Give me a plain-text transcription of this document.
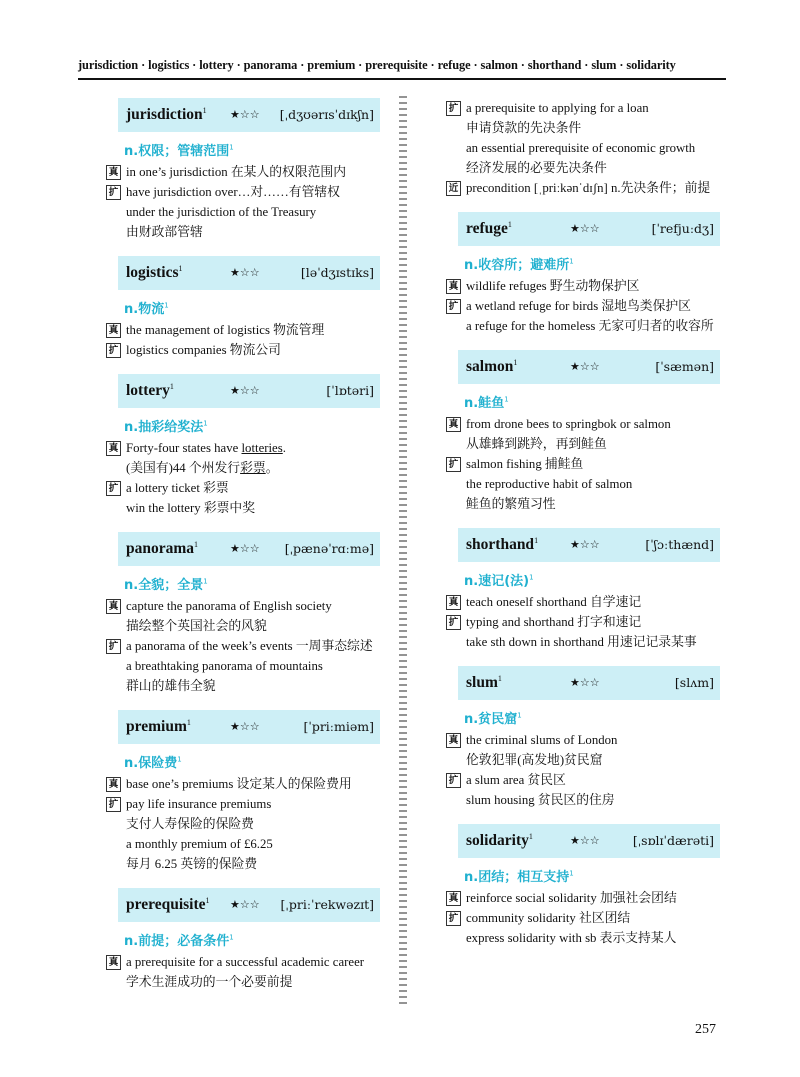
jurisdiction · logistics · lottery · panorama · premium · prerequisite · refuge · salmon · shorthand · slum · solidarity
jurisdiction$^1$ ★☆☆ [ˌdʒʊərɪsˈdɪkʃn]
n.权限；管辖范围$^1$
真 in one’s jurisdiction 在某人的权限范围内
扩 have jurisdiction over…对……有管辖权
under the jurisdiction of the Treasury
由财政部管辖
logistics$^1$	★☆☆	[ləˈdʒɪstɪks]
n.物流$^1$
真 the management of logistics 物流管理
扩 logistics companies 物流公司
lottery$^1$	★☆☆	[ˈlɒtəri]
n.抽彩给奖法$^1$
真 Forty-four states have lotteries.
(美国有)44 个州发行彩票。
扩 a lottery ticket 彩票
win the lottery 彩票中奖
panorama$^1$	★☆☆ [ˌpænəˈrɑːmə]
n.全貌；全景$^1$
真 capture the panorama of English society
描绘整个英国社会的风貌
扩 a panorama of the week’s events 一周事态综述
a breathtaking panorama of mountains
群山的雄伟全貌
premium$^1$	★☆☆	[ˈpriːmiəm]
n.保险费$^1$
真 base one’s premiums 设定某人的保险费用
扩 pay life insurance premiums
支付人寿保险的保险费
a monthly premium of £6.25
每月 6.25 英镑的保险费
prerequisite$^1$ ★☆☆ [ˌpriːˈrekwəzɪt]
n.前提；必备条件$^1$
真 a prerequisite for a successful academic career
学术生涯成功的一个必要前提
扩 a prerequisite to applying for a loan
申请贷款的先决条件
an essential prerequisite of economic growth
经济发展的必要先决条件
近 precondition [ˌpriːkənˈdɪʃn] n.先决条件；前提
refuge$^1$	★☆☆	[ˈrefjuːdʒ]
n.收容所；避难所$^1$
真 wildlife refuges 野生动物保护区
扩 a wetland refuge for birds 湿地鸟类保护区
a refuge for the homeless 无家可归者的收容所
salmon$^1$	★☆☆	[ˈsæmən]
n.鲑鱼$^1$
真 from drone bees to springbok or salmon
从雄蜂到跳羚，再到鲑鱼
扩 salmon fishing 捕鲑鱼
the reproductive habit of salmon
鲑鱼的繁殖习性
shorthand$^1$	★☆☆	[ˈʃɔːthænd]
n.速记(法)$^1$
真 teach oneself shorthand 自学速记
扩 typing and shorthand 打字和速记
take sth down in shorthand 用速记记录某事
slum$^1$	★☆☆	[slʌm]
n.贫民窟$^1$
真 the criminal slums of London
伦敦犯罪(高发地)贫民窟
扩 a slum area 贫民区
slum housing 贫民区的住房
solidarity$^1$	★☆☆	[ˌsɒlɪˈdærəti]
n.团结；相互支持$^1$
真 reinforce social solidarity 加强社会团结
扩 community solidarity 社区团结
express solidarity with sb 表示支持某人
257
